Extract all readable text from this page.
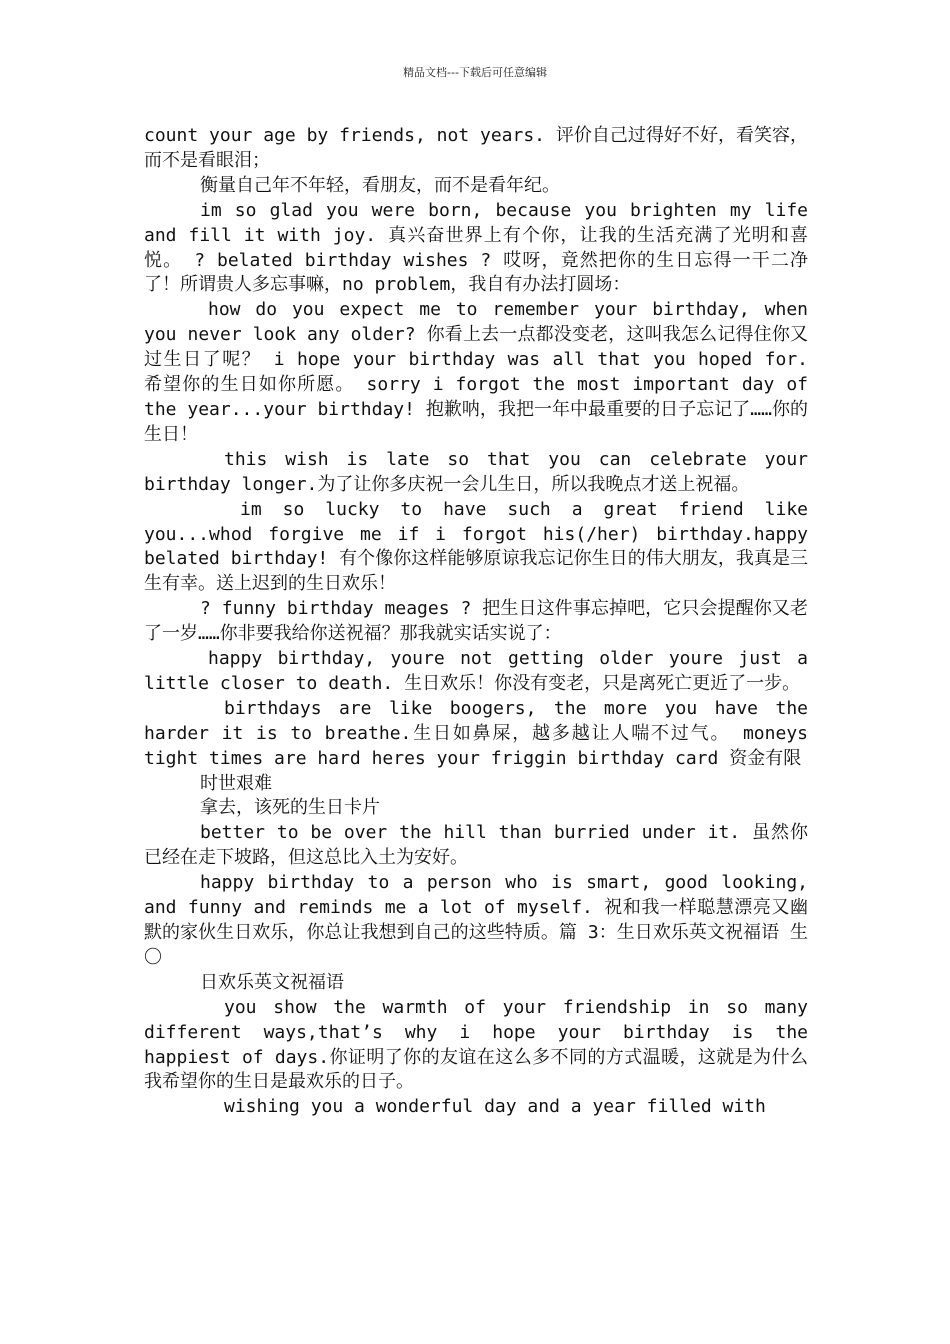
精品文档---下载后可任意编辑

count your age by friends, not years. 评价自己过得好不好，看笑容，而不是看眼泪；

衡量自己年不年轻，看朋友，而不是看年纪。

im so glad you were born, because you brighten my life and fill it with joy. 真兴奋世界上有个你，让我的生活充满了光明和喜悦。 ? belated birthday wishes ? 哎呀，竟然把你的生日忘得一干二净了！所谓贵人多忘事嘛，no problem，我自有办法打圆场：

how do you expect me to remember your birthday, when you never look any older? 你看上去一点都没变老，这叫我怎么记得住你又过生日了呢？ i hope your birthday was all that you hoped for. 希望你的生日如你所愿。 sorry i forgot the most important day of the year...your birthday! 抱歉呐，我把一年中最重要的日子忘记了……你的生日！

this wish is late so that you can celebrate your birthday longer.为了让你多庆祝一会儿生日，所以我晚点才送上祝福。

im so lucky to have such a great friend like you...whod forgive me if i forgot his(/her) birthday.happy belated birthday! 有个像你这样能够原谅我忘记你生日的伟大朋友，我真是三生有幸。送上迟到的生日欢乐！

? funny birthday meages ? 把生日这件事忘掉吧，它只会提醒你又老了一岁……你非要我给你送祝福？那我就实话实说了：

happy birthday, youre not getting older youre just a little closer to death. 生日欢乐！你没有变老，只是离死亡更近了一步。

birthdays are like boogers, the more you have the harder it is to breathe.生日如鼻屎，越多越让人喘不过气。 moneys tight times are hard heres your friggin birthday card 资金有限

时世艰难

拿去，该死的生日卡片

better to be over the hill than burried under it. 虽然你已经在走下坡路，但这总比入土为安好。

happy birthday to a person who is smart, good looking, and funny and reminds me a lot of myself. 祝和我一样聪慧漂亮又幽默的家伙生日欢乐，你总让我想到自己的这些特质。篇 3：生日欢乐英文祝福语 生〇

日欢乐英文祝福语

you show the warmth of your friendship in so many different ways,that’s why i hope your birthday is the happiest of days.你证明了你的友谊在这么多不同的方式温暖，这就是为什么我希望你的生日是最欢乐的日子。

wishing you a wonderful day and a year filled with
